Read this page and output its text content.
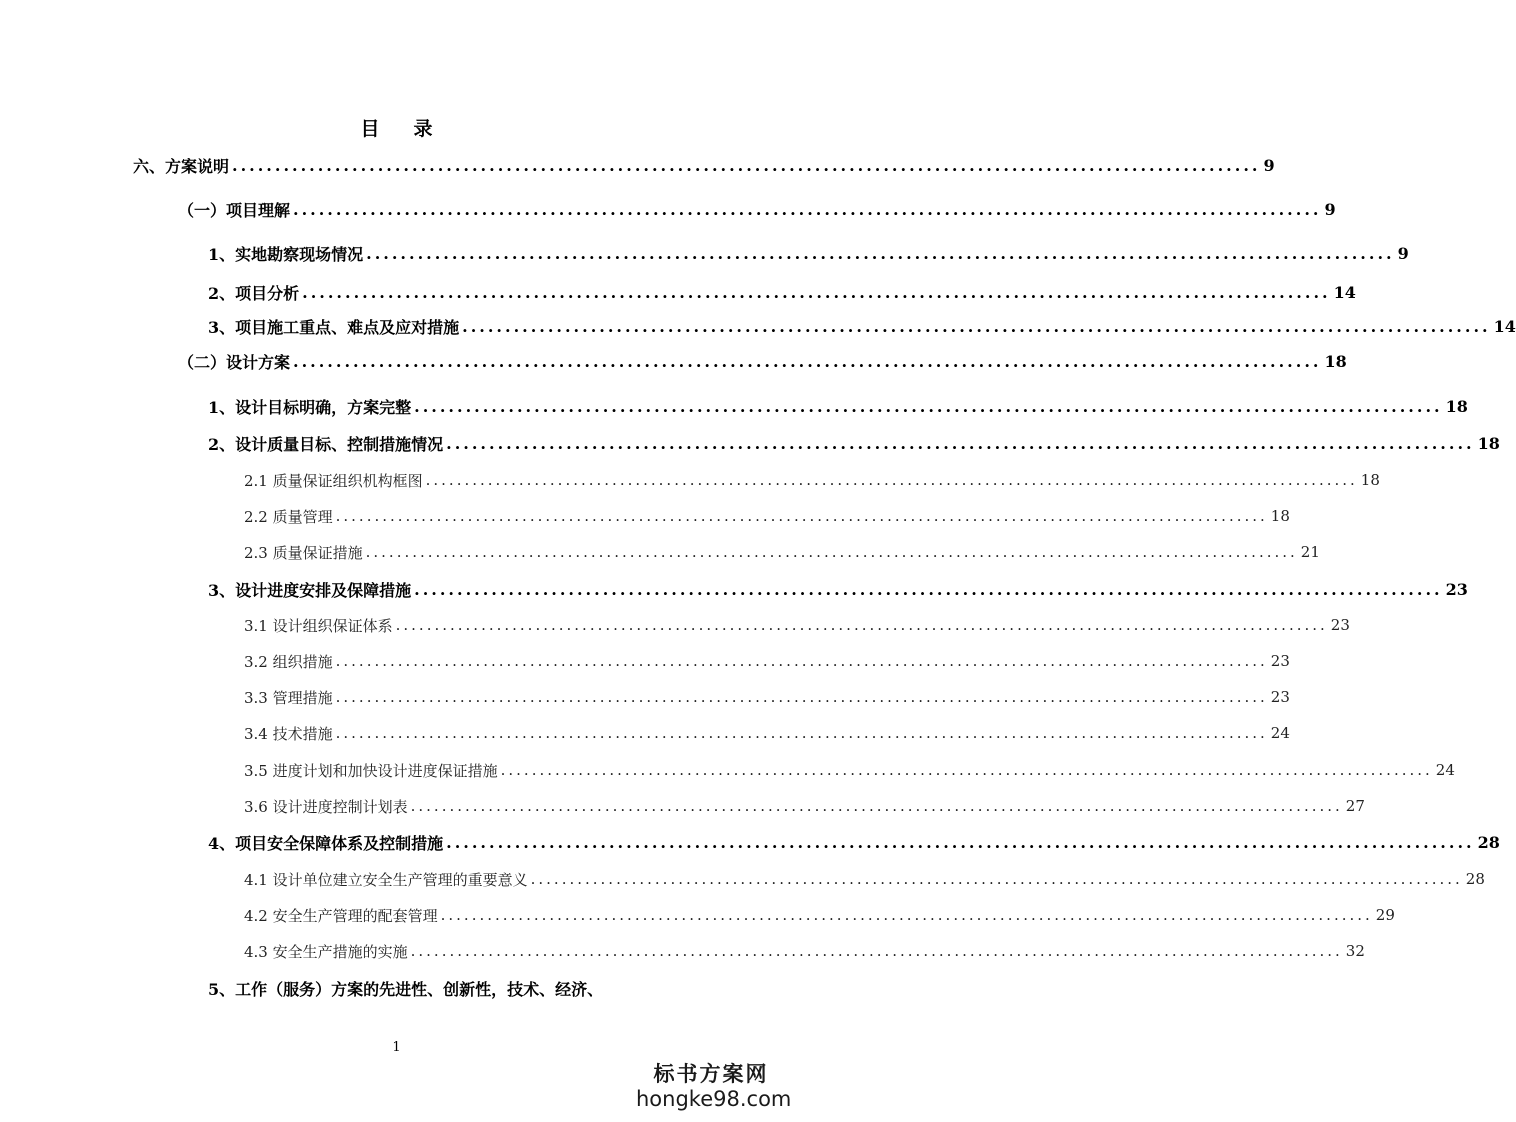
目 录
六、方案说明 ........................................................................................................................ 9
（一）项目理解 ........................................................................................................................ 9
1、实地勘察现场情况 ........................................................................................................................ 9
2、项目分析 ........................................................................................................................ 14
3、项目施工重点、难点及应对措施 ........................................................................................................................ 14
（二）设计方案 ........................................................................................................................ 18
1、设计目标明确，方案完整 ........................................................................................................................ 18
2、设计质量目标、控制措施情况 ........................................................................................................................ 18
2.1 质量保证组织机构框图 ........................................................................................................................ 18
2.2 质量管理 ........................................................................................................................ 18
2.3 质量保证措施 ........................................................................................................................ 21
3、设计进度安排及保障措施 ........................................................................................................................ 23
3.1 设计组织保证体系 ........................................................................................................................ 23
3.2 组织措施 ........................................................................................................................ 23
3.3 管理措施 ........................................................................................................................ 23
3.4 技术措施 ........................................................................................................................ 24
3.5 进度计划和加快设计进度保证措施 ........................................................................................................................ 24
3.6 设计进度控制计划表 ........................................................................................................................ 27
4、项目安全保障体系及控制措施 ........................................................................................................................ 28
4.1 设计单位建立安全生产管理的重要意义 ........................................................................................................................ 28
4.2 安全生产管理的配套管理 ........................................................................................................................ 29
4.3 安全生产措施的实施 ........................................................................................................................ 32
5、工作（服务）方案的先进性、创新性，技术、经济、
1
标书方案网
hongke98.com
